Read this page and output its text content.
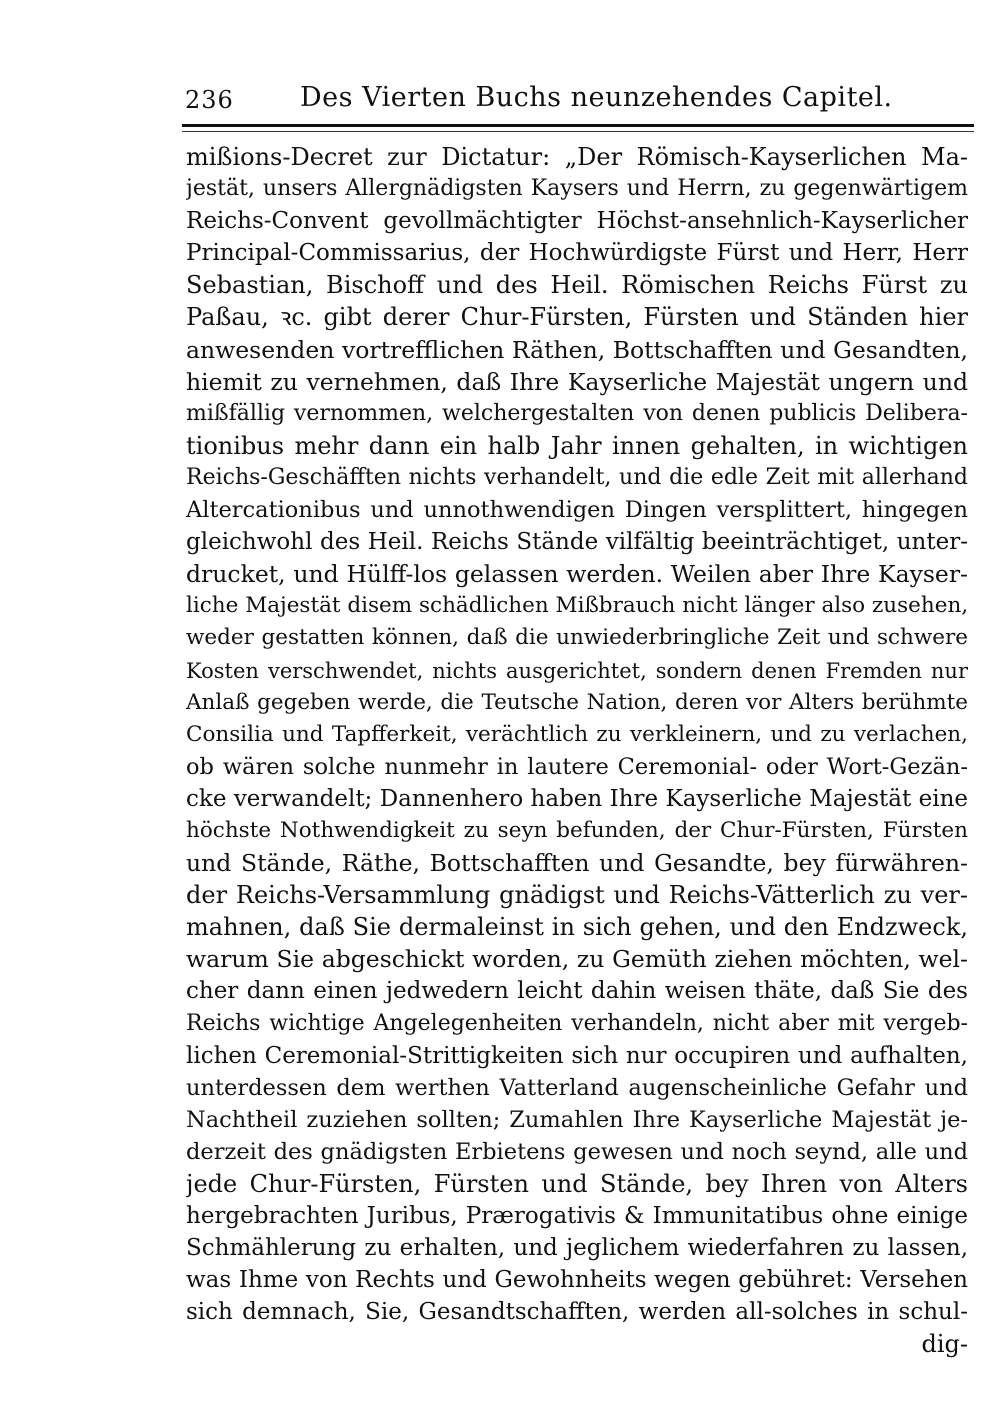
236 Des Vierten Buchs neunzehendes Capitel.
mißions-Decret zur Dictatur: „Der Römisch-Kayserlichen Ma-
jestät, unsers Allergnädigsten Kaysers und Herrn, zu gegenwärtigem
Reichs-Convent gevollmächtigter Höchst-ansehnlich-Kayserlicher
Principal-Commissarius, der Hochwürdigste Fürst und Herr, Herr
Sebastian, Bischoff und des Heil. Römischen Reichs Fürst zu
Paßau, ꝛc. gibt derer Chur-Fürsten, Fürsten und Ständen hier
anwesenden vortrefflichen Räthen, Bottschafften und Gesandten,
hiemit zu vernehmen, daß Ihre Kayserliche Majestät ungern und
mißfällig vernommen, welchergestalten von denen publicis Delibera-
tionibus mehr dann ein halb Jahr innen gehalten, in wichtigen
Reichs-Geschäfften nichts verhandelt, und die edle Zeit mit allerhand
Altercationibus und unnothwendigen Dingen versplittert, hingegen
gleichwohl des Heil. Reichs Stände vilfältig beeinträchtiget, unter-
drucket, und Hülff-los gelassen werden. Weilen aber Ihre Kayser-
liche Majestät disem schädlichen Mißbrauch nicht länger also zusehen,
weder gestatten können, daß die unwiederbringliche Zeit und schwere
Kosten verschwendet, nichts ausgerichtet, sondern denen Fremden nur
Anlaß gegeben werde, die Teutsche Nation, deren vor Alters berühmte
Consilia und Tapfferkeit, verächtlich zu verkleinern, und zu verlachen,
ob wären solche nunmehr in lautere Ceremonial- oder Wort-Gezän-
cke verwandelt; Dannenhero haben Ihre Kayserliche Majestät eine
höchste Nothwendigkeit zu seyn befunden, der Chur-Fürsten, Fürsten
und Stände, Räthe, Bottschafften und Gesandte, bey fürwähren-
der Reichs-Versammlung gnädigst und Reichs-Vätterlich zu ver-
mahnen, daß Sie dermaleinst in sich gehen, und den Endzweck,
warum Sie abgeschickt worden, zu Gemüth ziehen möchten, wel-
cher dann einen jedwedern leicht dahin weisen thäte, daß Sie des
Reichs wichtige Angelegenheiten verhandeln, nicht aber mit vergeb-
lichen Ceremonial-Strittigkeiten sich nur occupiren und aufhalten,
unterdessen dem werthen Vatterland augenscheinliche Gefahr und
Nachtheil zuziehen sollten; Zumahlen Ihre Kayserliche Majestät je-
derzeit des gnädigsten Erbietens gewesen und noch seynd, alle und
jede Chur-Fürsten, Fürsten und Stände, bey Ihren von Alters
hergebrachten Juribus, Prærogativis & Immunitatibus ohne einige
Schmählerung zu erhalten, und jeglichem wiederfahren zu lassen,
was Ihme von Rechts und Gewohnheits wegen gebühret: Versehen
sich demnach, Sie, Gesandtschafften, werden all-solches in schul-
dig-
